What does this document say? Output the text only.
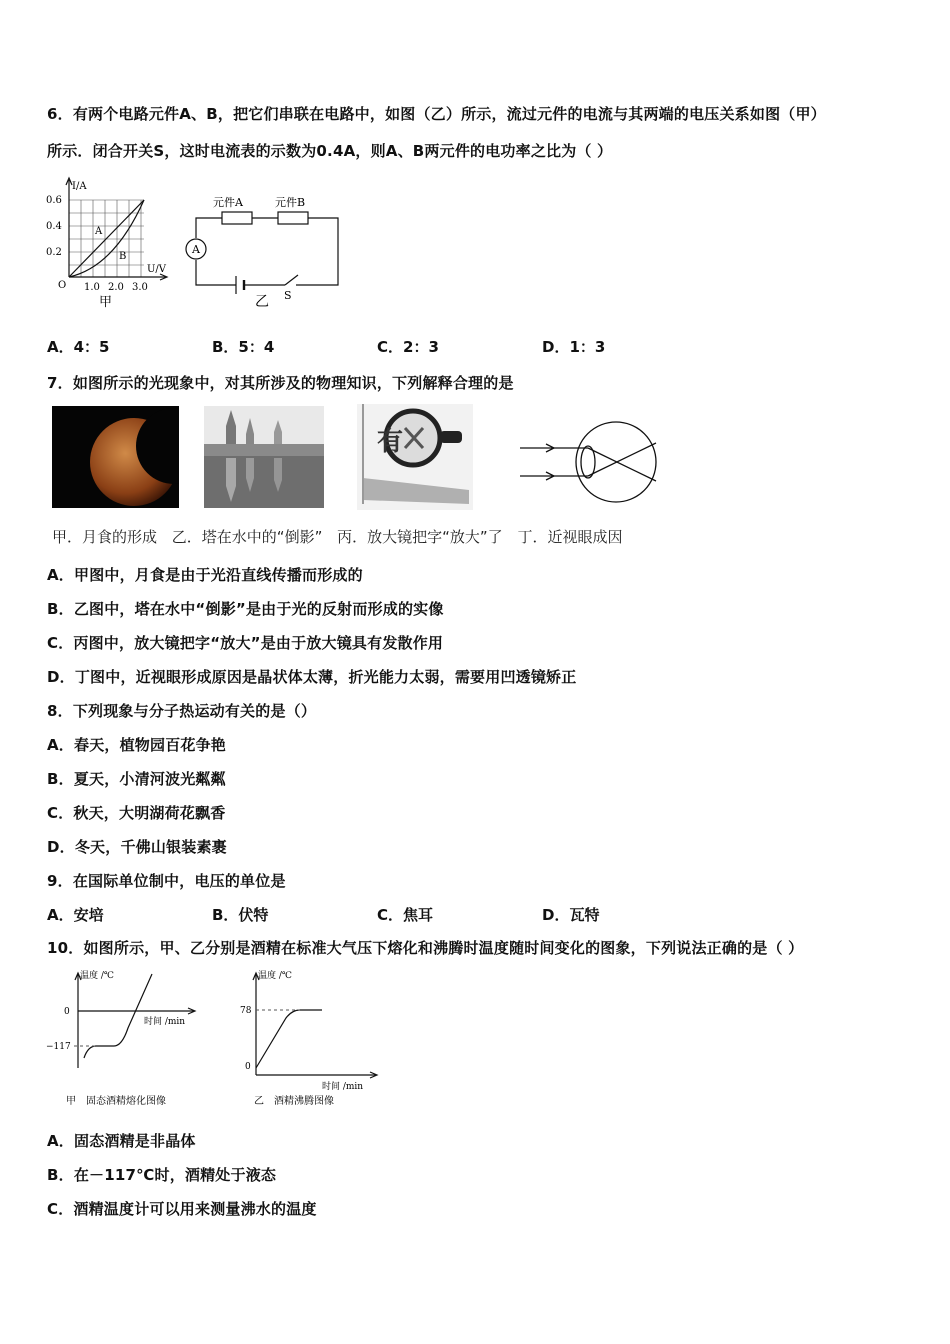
6．有两个电路元件A、B，把它们串联在电路中，如图（乙）所示，流过元件的电流与其两端的电压关系如图（甲）
所示．闭合开关S，这时电流表的示数为0.4A，则A、B两元件的电功率之比为（ ）
I/A
U/V
0.6
0.4
0.2
O 1.0 2.0 3.0
A
B
甲
A
元件A	元件B
S
乙
A．4：5	B．5：4	C．2：3	D．1：3
7．如图所示的光现象中，对其所涉及的物理知识，下列解释合理的是
有
甲．月食的形成 乙．塔在水中的“倒影” 丙．放大镜把字“放大”了 丁．近视眼成因
A．甲图中，月食是由于光沿直线传播而形成的
B．乙图中，塔在水中“倒影”是由于光的反射而形成的实像
C．丙图中，放大镜把字“放大”是由于放大镜具有发散作用
D．丁图中，近视眼形成原因是晶状体太薄，折光能力太弱，需要用凹透镜矫正
8．下列现象与分子热运动有关的是（）
A．春天，植物园百花争艳
B．夏天，小清河波光粼粼
C．秋天，大明湖荷花飘香
D．冬天，千佛山银装素裹
9．在国际单位制中，电压的单位是
A．安培	B．伏特	C．焦耳	D．瓦特
10．如图所示，甲、乙分别是酒精在标准大气压下熔化和沸腾时温度随时间变化的图象，下列说法正确的是（ ）
温度 /℃
0
−117
时间 /min
甲　固态酒精熔化图像
温度 /℃
78
0
时间 /min
乙　酒精沸腾图像
A．固态酒精是非晶体
B．在－117℃时，酒精处于液态
C．酒精温度计可以用来测量沸水的温度
